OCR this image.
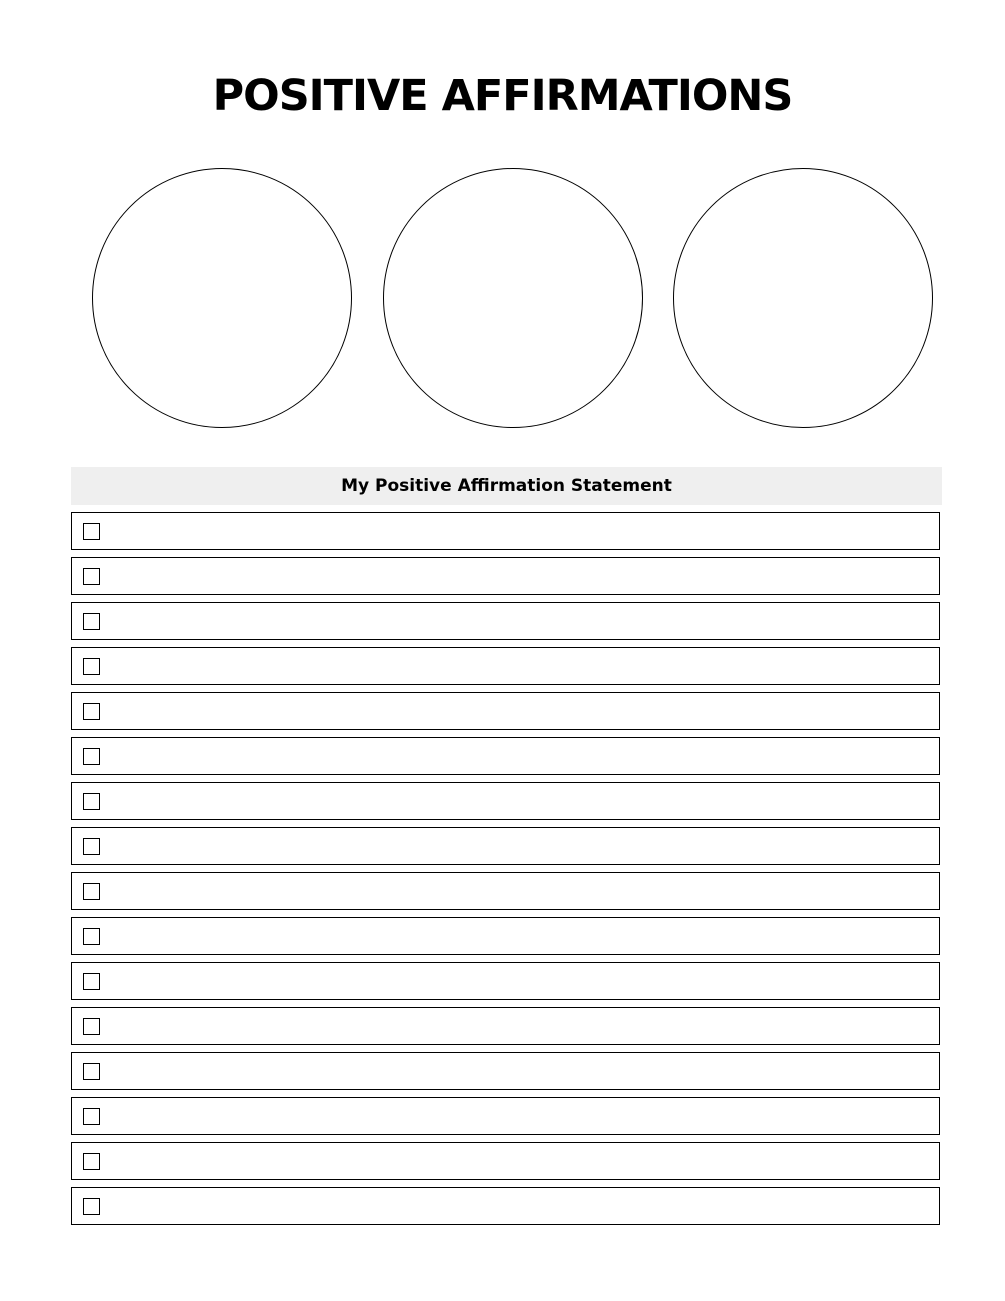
POSITIVE AFFIRMATIONS
My Positive Affirmation Statement
